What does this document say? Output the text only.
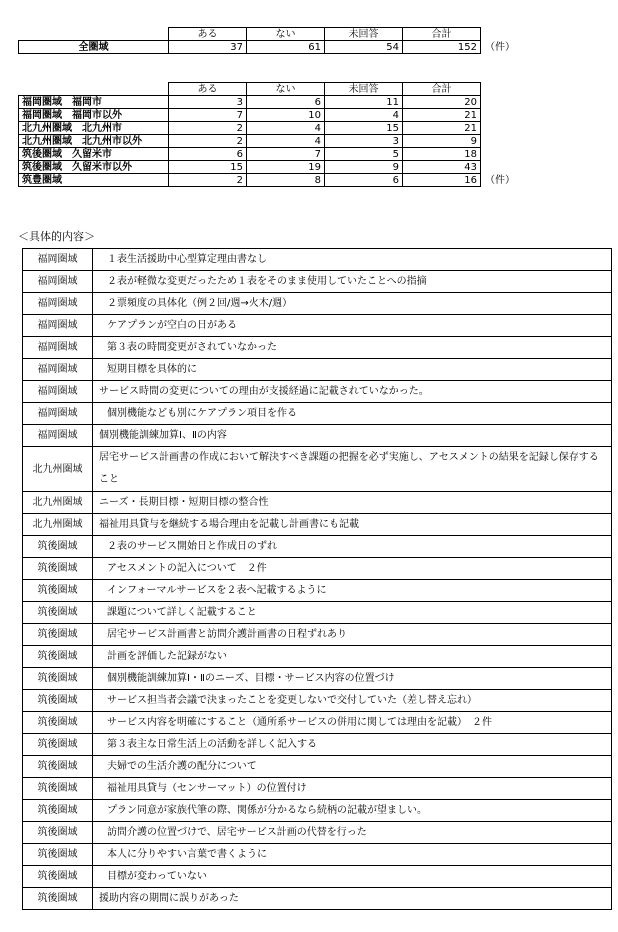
	ある	ない	未回答	合計	
全圏域	37	61	54	152	（件）
	ある	ない	未回答	合計	
福岡圏域　福岡市	3	6	11	20	
福岡圏域　福岡市以外	7	10	4	21	
北九州圏域　北九州市	2	4	15	21	
北九州圏域　北九州市以外	2	4	3	9	
筑後圏域　久留米市	6	7	5	18	
筑後圏域　久留米市以外	15	19	9	43	
筑豊圏域	2	8	6	16	（件）
＜具体的内容＞
福岡圏域	１表生活援助中心型算定理由書なし
福岡圏域	２表が軽微な変更だったため１表をそのまま使用していたことへの指摘
福岡圏域	２票頻度の具体化（例２回/週→火木/週）
福岡圏域	ケアプランが空白の日がある
福岡圏域	第３表の時間変更がされていなかった
福岡圏域	短期目標を具体的に
福岡圏域	サービス時間の変更についての理由が支援経過に記載されていなかった。
福岡圏域	個別機能なども別にケアプラン項目を作る
福岡圏域	個別機能訓練加算Ⅰ、Ⅱの内容
北九州圏域	居宅サービス計画書の作成において解決すべき課題の把握を必ず実施し、アセスメントの結果を記録し保存すること
北九州圏域	ニーズ・長期目標・短期目標の整合性
北九州圏域	福祉用具貸与を継続する場合理由を記載し計画書にも記載
筑後圏域	２表のサービス開始日と作成日のずれ
筑後圏域	アセスメントの記入について　２件
筑後圏域	インフォーマルサービスを２表へ記載するように
筑後圏域	課題について詳しく記載すること
筑後圏域	居宅サービス計画書と訪問介護計画書の日程ずれあり
筑後圏域	計画を評価した記録がない
筑後圏域	個別機能訓練加算Ⅰ・Ⅱのニーズ、目標・サービス内容の位置づけ
筑後圏域	サービス担当者会議で決まったことを変更しないで交付していた（差し替え忘れ）
筑後圏域	サービス内容を明確にすること（通所系サービスの併用に関しては理由を記載）　２件
筑後圏域	第３表主な日常生活上の活動を詳しく記入する
筑後圏域	夫婦での生活介護の配分について
筑後圏域	福祉用具貸与（センサーマット）の位置付け
筑後圏域	プラン同意が家族代筆の際、関係が分かるなら続柄の記載が望ましい。
筑後圏域	訪問介護の位置づけで、居宅サービス計画の代替を行った
筑後圏域	本人に分りやすい言葉で書くように
筑後圏域	目標が変わっていない
筑後圏域	援助内容の期間に誤りがあった
